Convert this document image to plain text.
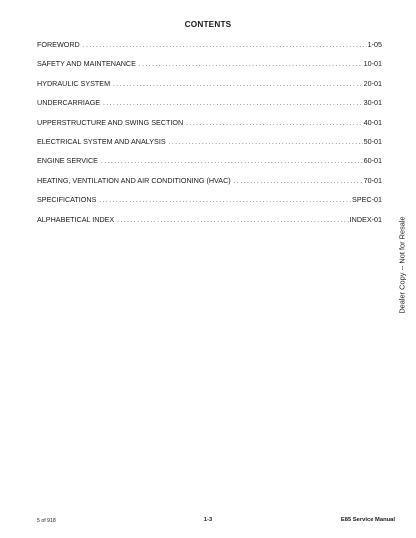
CONTENTS
FOREWORD . . .	1-05
SAFETY AND MAINTENANCE . . .	10-01
HYDRAULIC SYSTEM . . .	20-01
UNDERCARRIAGE . . .	30-01
UPPERSTRUCTURE AND SWING SECTION . . .	40-01
ELECTRICAL SYSTEM AND ANALYSIS . . .	50-01
ENGINE SERVICE . . .	60-01
HEATING, VENTILATION AND AIR CONDITIONING (HVAC) . . .	70-01
SPECIFICATIONS . . .	SPEC-01
ALPHABETICAL INDEX . . .	INDEX-01 Dealer Copy -- Not for Resale
5 of 918	1-3	E85 Service Manual
